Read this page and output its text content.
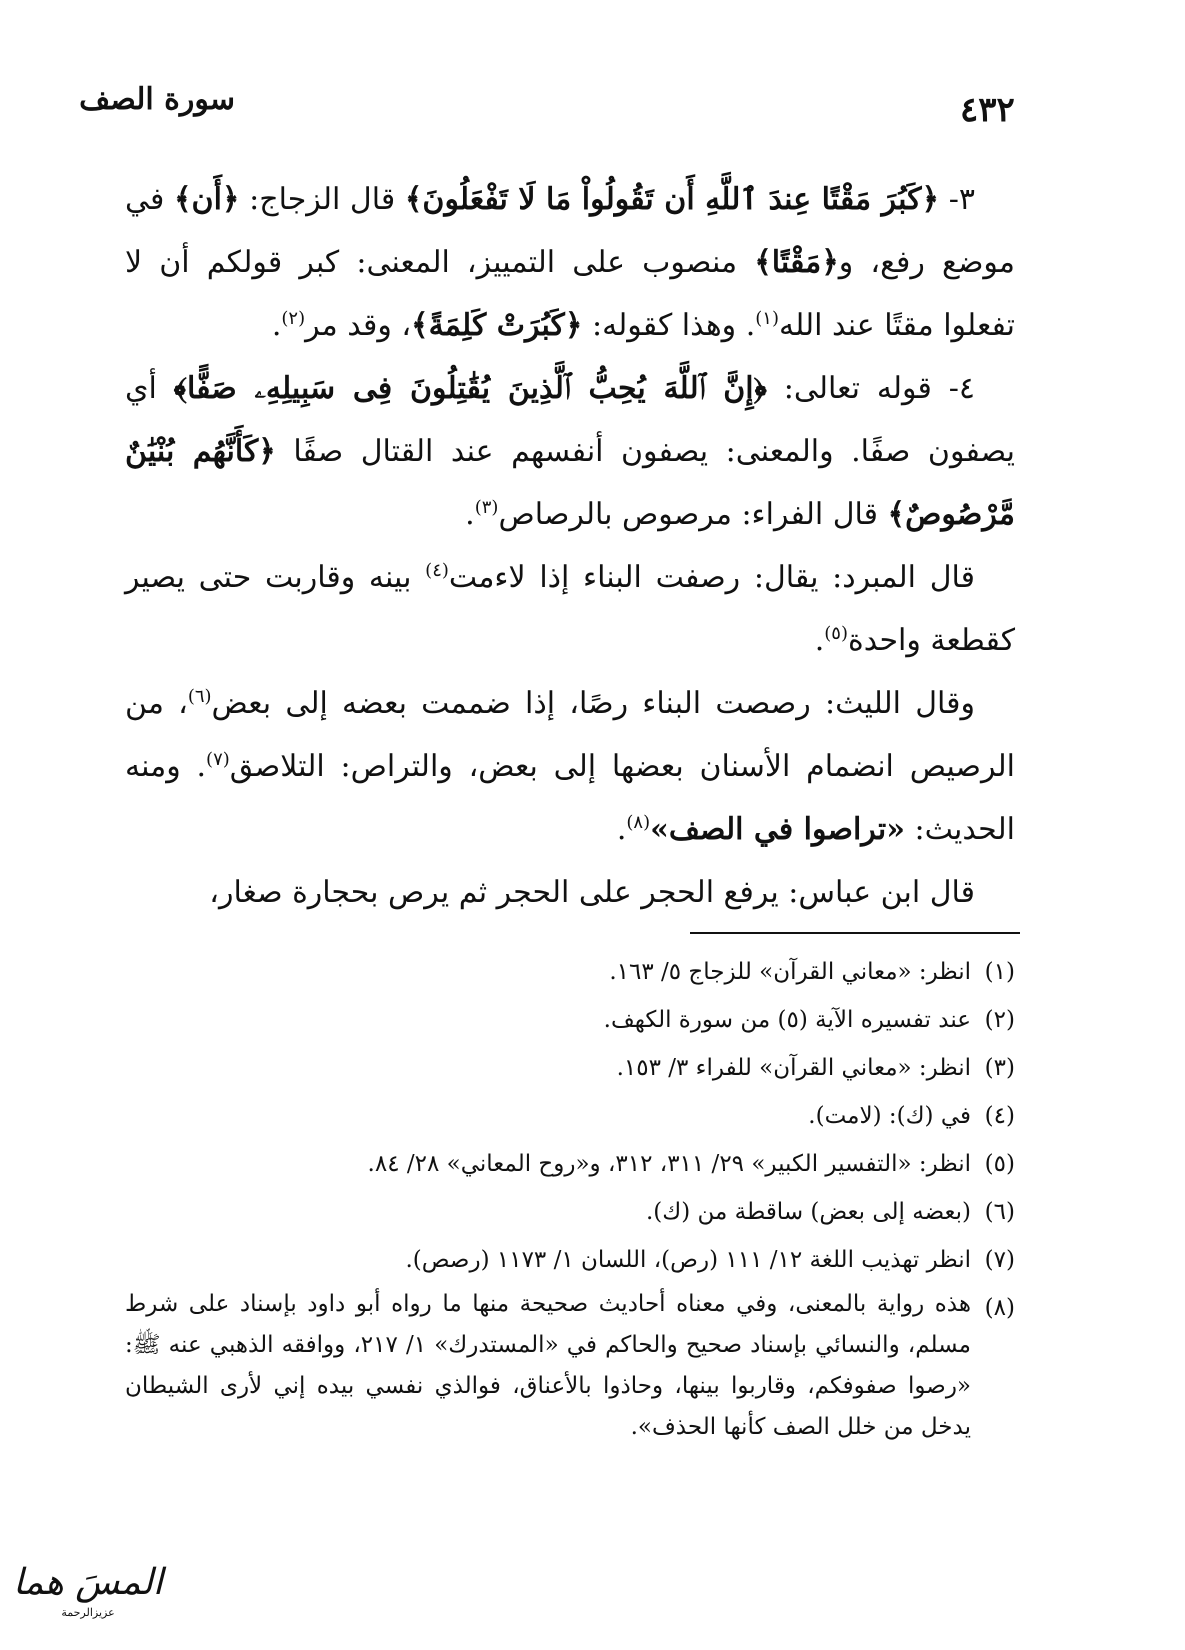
سورة الصف	٤٣٢

٣- ﴿كَبُرَ مَقْتًا عِندَ ٱللَّهِ أَن تَقُولُواْ مَا لَا تَفْعَلُونَ﴾ قال الزجاج: ﴿أَن﴾ في موضع رفع، و﴿مَقْتًا﴾ منصوب على التمييز، المعنى: كبر قولكم أن لا تفعلوا مقتًا عند الله$^{(١)}$. وهذا كقوله: ﴿كَبُرَتْ كَلِمَةً﴾، وقد مر$^{(٢)}$.

٤- قوله تعالى: ﴿إِنَّ ٱللَّهَ يُحِبُّ ٱلَّذِينَ يُقَٰتِلُونَ فِى سَبِيلِهِۦ صَفًّا﴾ أي يصفون صفًا. والمعنى: يصفون أنفسهم عند القتال صفًا ﴿كَأَنَّهُم بُنْيَٰنٌ مَّرْصُوصٌ﴾ قال الفراء: مرصوص بالرصاص$^{(٣)}$.

قال المبرد: يقال: رصفت البناء إذا لاءمت$^{(٤)}$ بينه وقاربت حتى يصير كقطعة واحدة$^{(٥)}$.

وقال الليث: رصصت البناء رصًا، إذا ضممت بعضه إلى بعض$^{(٦)}$، من الرصيص انضمام الأسنان بعضها إلى بعض، والتراص: التلاصق$^{(٧)}$. ومنه الحديث: «تراصوا في الصف»$^{(٨)}$.

قال ابن عباس: يرفع الحجر على الحجر ثم يرص بحجارة صغار،

(١)
انظر: «معاني القرآن» للزجاج ٥/ ١٦٣.
(٢)
عند تفسيره الآية (٥) من سورة الكهف.
(٣)
انظر: «معاني القرآن» للفراء ٣/ ١٥٣.
(٤)
في (ك): (لامت).
(٥)
انظر: «التفسير الكبير» ٢٩/ ٣١١، ٣١٢، و«روح المعاني» ٢٨/ ٨٤.
(٦)
(بعضه إلى بعض) ساقطة من (ك).
(٧)
انظر تهذيب اللغة ١٢/ ١١١ (رص)، اللسان ١/ ١١٧٣ (رصص).
(٨)
هذه رواية بالمعنى، وفي معناه أحاديث صحيحة منها ما رواه أبو داود بإسناد على شرط مسلم، والنسائي بإسناد صحيح والحاكم في «المستدرك» ١/ ٢١٧، ووافقه الذهبي عنه ﷺ: «رصوا صفوفكم، وقاربوا بينها، وحاذوا بالأعناق، فوالذي نفسي بيده إني لأرى الشيطان يدخل من خلل الصف كأنها الحذف».
المسَ هما
عزيزالرحمة
